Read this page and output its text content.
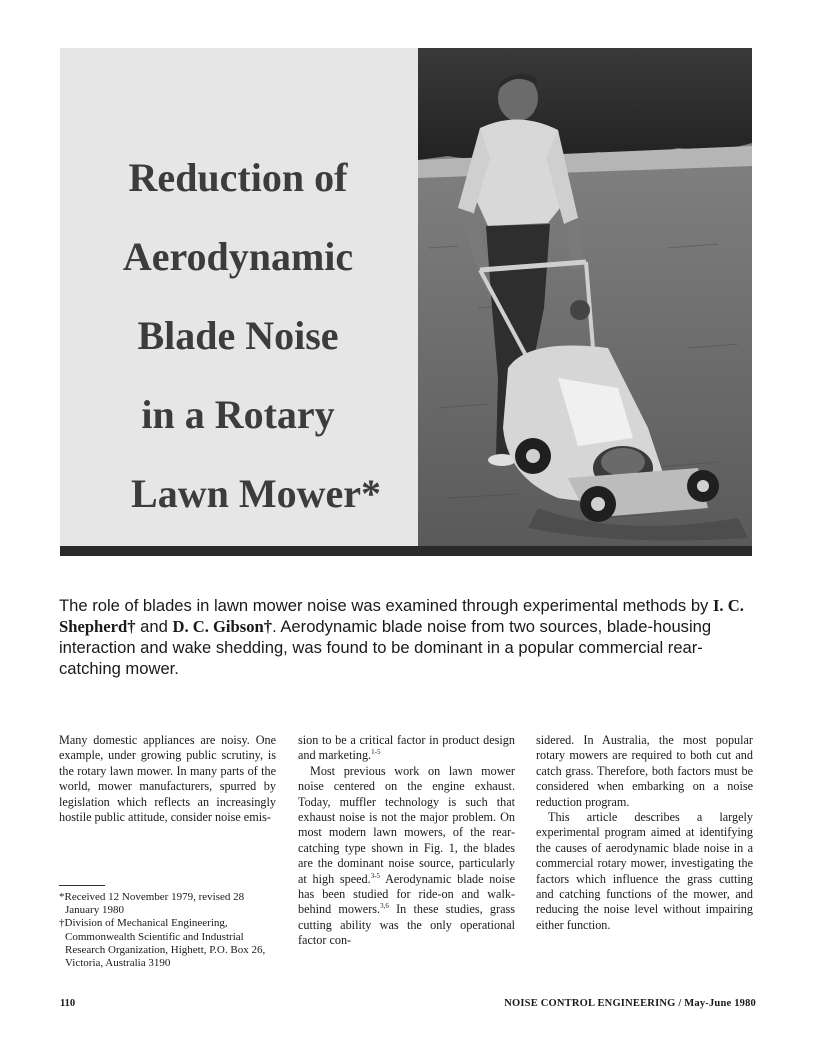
Reduction of
Aerodynamic
Blade Noise
in a Rotary
Lawn Mower*
The role of blades in lawn mower noise was examined through experimental methods by I. C. Shepherd† and D. C. Gibson†. Aerodynamic blade noise from two sources, blade-housing interaction and wake shedding, was found to be dominant in a popular commercial rear-catching mower.

Many domestic appliances are noisy. One example, under growing public scrutiny, is the rotary lawn mower. In many parts of the world, mower manufacturers, spurred by legislation which reflects an increasingly hostile public attitude, consider noise emis-

*Received 12 November 1979, revised 28 January 1980
†Division of Mechanical Engineering, Commonwealth Scientific and Industrial Research Organization, Highett, P.O. Box 26, Victoria, Australia 3190

sion to be a critical factor in product design and marketing.$^{1-5}$

Most previous work on lawn mower noise centered on the engine exhaust. Today, muffler technology is such that exhaust noise is not the major problem. On most modern lawn mowers, of the rear-catching type shown in Fig. 1, the blades are the dominant noise source, particularly at high speed.$^{3-5}$ Aerodynamic blade noise has been studied for ride-on and walk-behind mowers.$^{3,6}$ In these studies, grass cutting ability was the only operational factor con-

sidered. In Australia, the most popular rotary mowers are required to both cut and catch grass. Therefore, both factors must be considered when embarking on a noise reduction program.

This article describes a largely experimental program aimed at identifying the causes of aerodynamic blade noise in a commercial rotary mower, investigating the factors which influence the grass cutting and catching functions of the mower, and reducing the noise level without impairing either function.

110	NOISE CONTROL ENGINEERING / May-June 1980
